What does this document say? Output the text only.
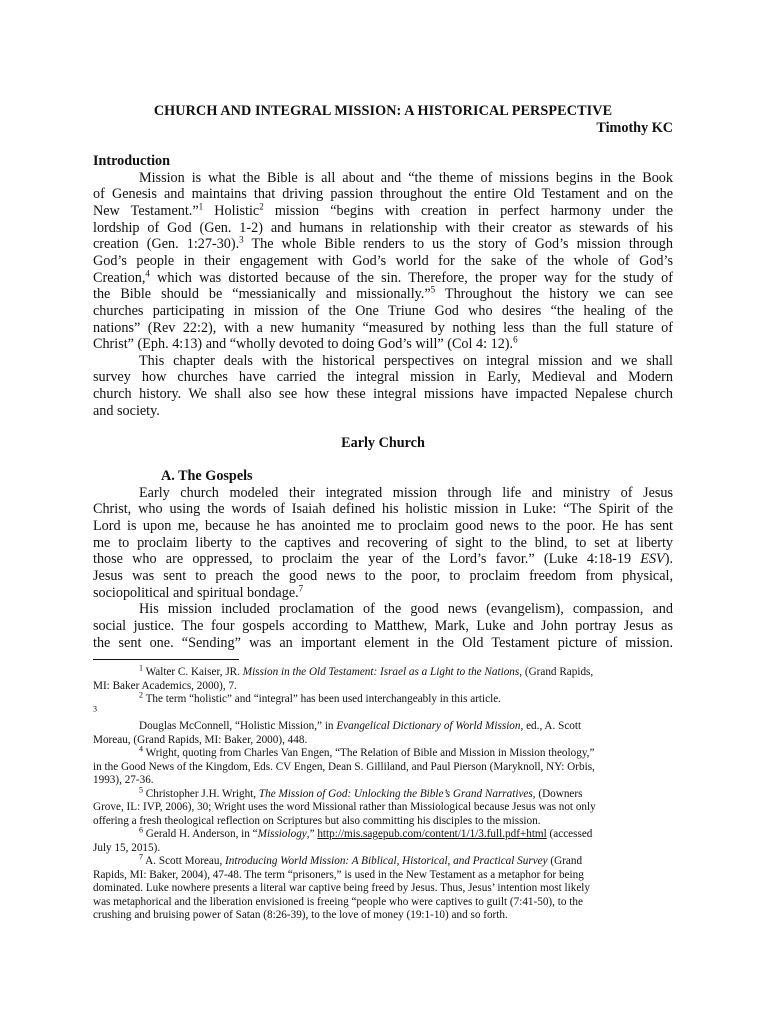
CHURCH AND INTEGRAL MISSION: A HISTORICAL PERSPECTIVE

Timothy KC

Introduction

Mission is what the Bible is all about and “the theme of missions begins in the Book
of Genesis and maintains that driving passion throughout the entire Old Testament and on the
New Testament.”$^1$ Holistic$^2$ mission “begins with creation in perfect harmony under the
lordship of God (Gen. 1-2) and humans in relationship with their creator as stewards of his
creation (Gen. 1:27-30).$^3$ The whole Bible renders to us the story of God’s mission through
God’s people in their engagement with God’s world for the sake of the whole of God’s
Creation,$^4$ which was distorted because of the sin. Therefore, the proper way for the study of
the Bible should be “messianically and missionally.”$^5$ Throughout the history we can see
churches participating in mission of the One Triune God who desires “the healing of the
nations” (Rev 22:2), with a new humanity “measured by nothing less than the full stature of
Christ” (Eph. 4:13) and “wholly devoted to doing God’s will” (Col 4: 12).$^6$
This chapter deals with the historical perspectives on integral mission and we shall
survey how churches have carried the integral mission in Early, Medieval and Modern
church history. We shall also see how these integral missions have impacted Nepalese church
and society.

Early Church

A. The Gospels

Early church modeled their integrated mission through life and ministry of Jesus
Christ, who using the words of Isaiah defined his holistic mission in Luke: “The Spirit of the
Lord is upon me, because he has anointed me to proclaim good news to the poor. He has sent
me to proclaim liberty to the captives and recovering of sight to the blind, to set at liberty
those who are oppressed, to proclaim the year of the Lord’s favor.” (Luke 4:18-19 ESV).
Jesus was sent to preach the good news to the poor, to proclaim freedom from physical,
sociopolitical and spiritual bondage.$^7$
His mission included proclamation of the good news (evangelism), compassion, and
social justice. The four gospels according to Matthew, Mark, Luke and John portray Jesus as
the sent one. “Sending” was an important element in the Old Testament picture of mission.
$^1$ Walter C. Kaiser, JR. Mission in the Old Testament: Israel as a Light to the Nations, (Grand Rapids,
MI: Baker Academics, 2000), 7.
$^2$ The term “holistic” and “integral” has been used interchangeably in this article.
$^3$
Douglas McConnell, “Holistic Mission,” in Evangelical Dictionary of World Mission, ed., A. Scott
Moreau, (Grand Rapids, MI: Baker, 2000), 448.
$^4$ Wright, quoting from Charles Van Engen, “The Relation of Bible and Mission in Mission theology,”
in the Good News of the Kingdom, Eds. CV Engen, Dean S. Gilliland, and Paul Pierson (Maryknoll, NY: Orbis,
1993), 27-36.
$^5$ Christopher J.H. Wright, The Mission of God: Unlocking the Bible’s Grand Narratives, (Downers
Grove, IL: IVP, 2006), 30; Wright uses the word Missional rather than Missiological because Jesus was not only
offering a fresh theological reflection on Scriptures but also committing his disciples to the mission.
$^6$ Gerald H. Anderson, in “Missiology,” http://mis.sagepub.com/content/1/1/3.full.pdf+html (accessed
July 15, 2015).
$^7$ A. Scott Moreau, Introducing World Mission: A Biblical, Historical, and Practical Survey (Grand
Rapids, MI: Baker, 2004), 47-48. The term “prisoners,” is used in the New Testament as a metaphor for being
dominated. Luke nowhere presents a literal war captive being freed by Jesus. Thus, Jesus’ intention most likely
was metaphorical and the liberation envisioned is freeing “people who were captives to guilt (7:41-50), to the
crushing and bruising power of Satan (8:26-39), to the love of money (19:1-10) and so forth.
